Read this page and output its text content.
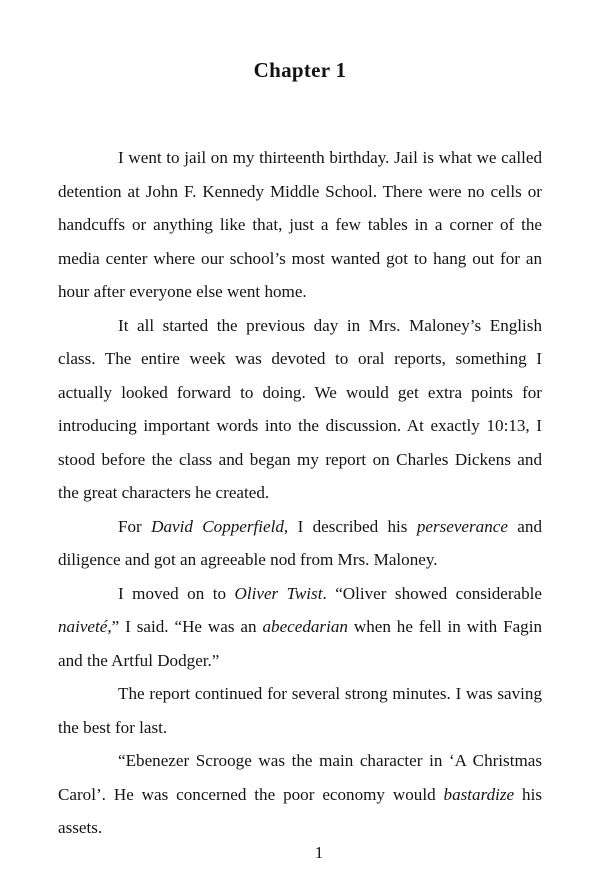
Chapter 1

I went to jail on my thirteenth birthday. Jail is what we called detention at John F. Kennedy Middle School. There were no cells or handcuffs or anything like that, just a few tables in a corner of the media center where our school’s most wanted got to hang out for an hour after everyone else went home.

It all started the previous day in Mrs. Maloney’s English class. The entire week was devoted to oral reports, something I actually looked forward to doing. We would get extra points for introducing important words into the discussion. At exactly 10:13, I stood before the class and began my report on Charles Dickens and the great characters he created.

For David Copperfield, I described his perseverance and diligence and got an agreeable nod from Mrs. Maloney.

I moved on to Oliver Twist. “Oliver showed considerable naiveté,” I said. “He was an abecedarian when he fell in with Fagin and the Artful Dodger.”

The report continued for several strong minutes. I was saving the best for last.

“Ebenezer Scrooge was the main character in ‘A Christmas Carol’. He was concerned the poor economy would bastardize his assets.

1
